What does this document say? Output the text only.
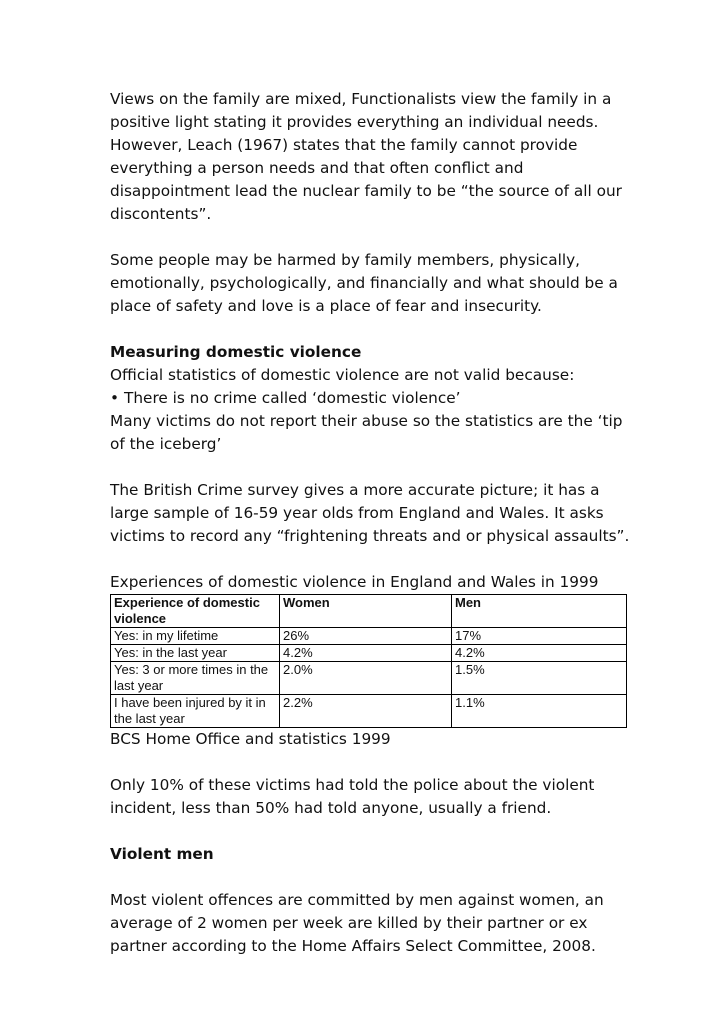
Views on the family are mixed, Functionalists view the family in a positive light stating it provides everything an individual needs. However, Leach (1967) states that the family cannot provide everything a person needs and that often conflict and disappointment lead the nuclear family to be “the source of all our discontents”.

Some people may be harmed by family members, physically, emotionally, psychologically, and financially and what should be a place of safety and love is a place of fear and insecurity.

Measuring domestic violence

Official statistics of domestic violence are not valid because:

• There is no crime called ‘domestic violence’

Many victims do not report their abuse so the statistics are the ‘tip of the iceberg’

The British Crime survey gives a more accurate picture; it has a large sample of 16-59 year olds from England and Wales. It asks victims to record any “frightening threats and or physical assaults”.

Experiences of domestic violence in England and Wales in 1999

Experience of domestic violence	Women	Men
Yes: in my lifetime	26%	17%
Yes: in the last year	4.2%	4.2%
Yes: 3 or more times in the last year	2.0%	1.5%
I have been injured by it in the last year	2.2%	1.1%

BCS Home Office and statistics 1999

Only 10% of these victims had told the police about the violent incident, less than 50% had told anyone, usually a friend.

Violent men

Most violent offences are committed by men against women, an average of 2 women per week are killed by their partner or ex partner according to the Home Affairs Select Committee, 2008.
